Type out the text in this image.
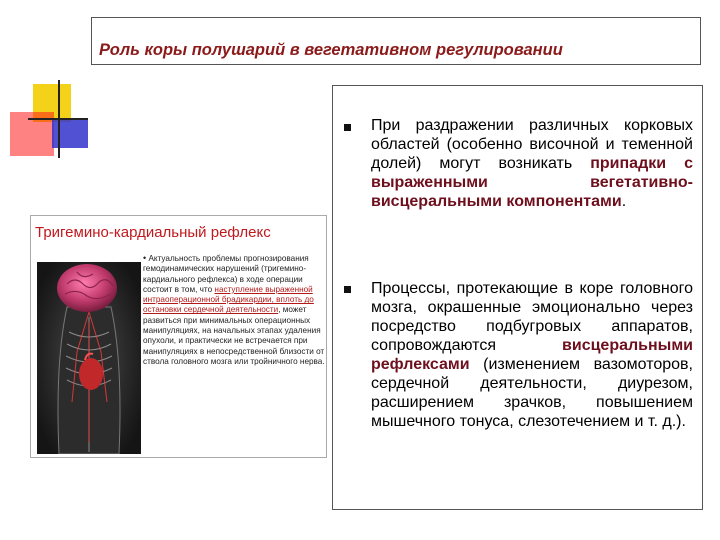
Роль коры полушарий в вегетативном регулировании
Тригемино-кардиальный рефлекс
• Актуальность проблемы прогнозирования гемодинамических нарушений (тригемино-кардиального рефлекса) в ходе операции состоит в том, что наступление выраженной интраоперационной брадикардии, вплоть до остановки сердечной деятельности, может развиться при минимальных операционных манипуляциях, на начальных этапах удаления опухоли, и практически не встречается при манипуляциях в непосредственной близости от ствола головного мозга или тройничного нерва.
При раздражении различных корковых областей (особенно височной и теменной долей) могут возникать припадки с выраженными вегетативно-висцеральными компонентами.
Процессы, протекающие в коре головного мозга, окрашенные эмоционально через посредство подбугровых аппаратов, сопровождаются висцеральными рефлексами (изменением вазомоторов, сердечной деятельности, диурезом, расширением зрачков, повышением мышечного тонуса, слезотечением и т. д.).
